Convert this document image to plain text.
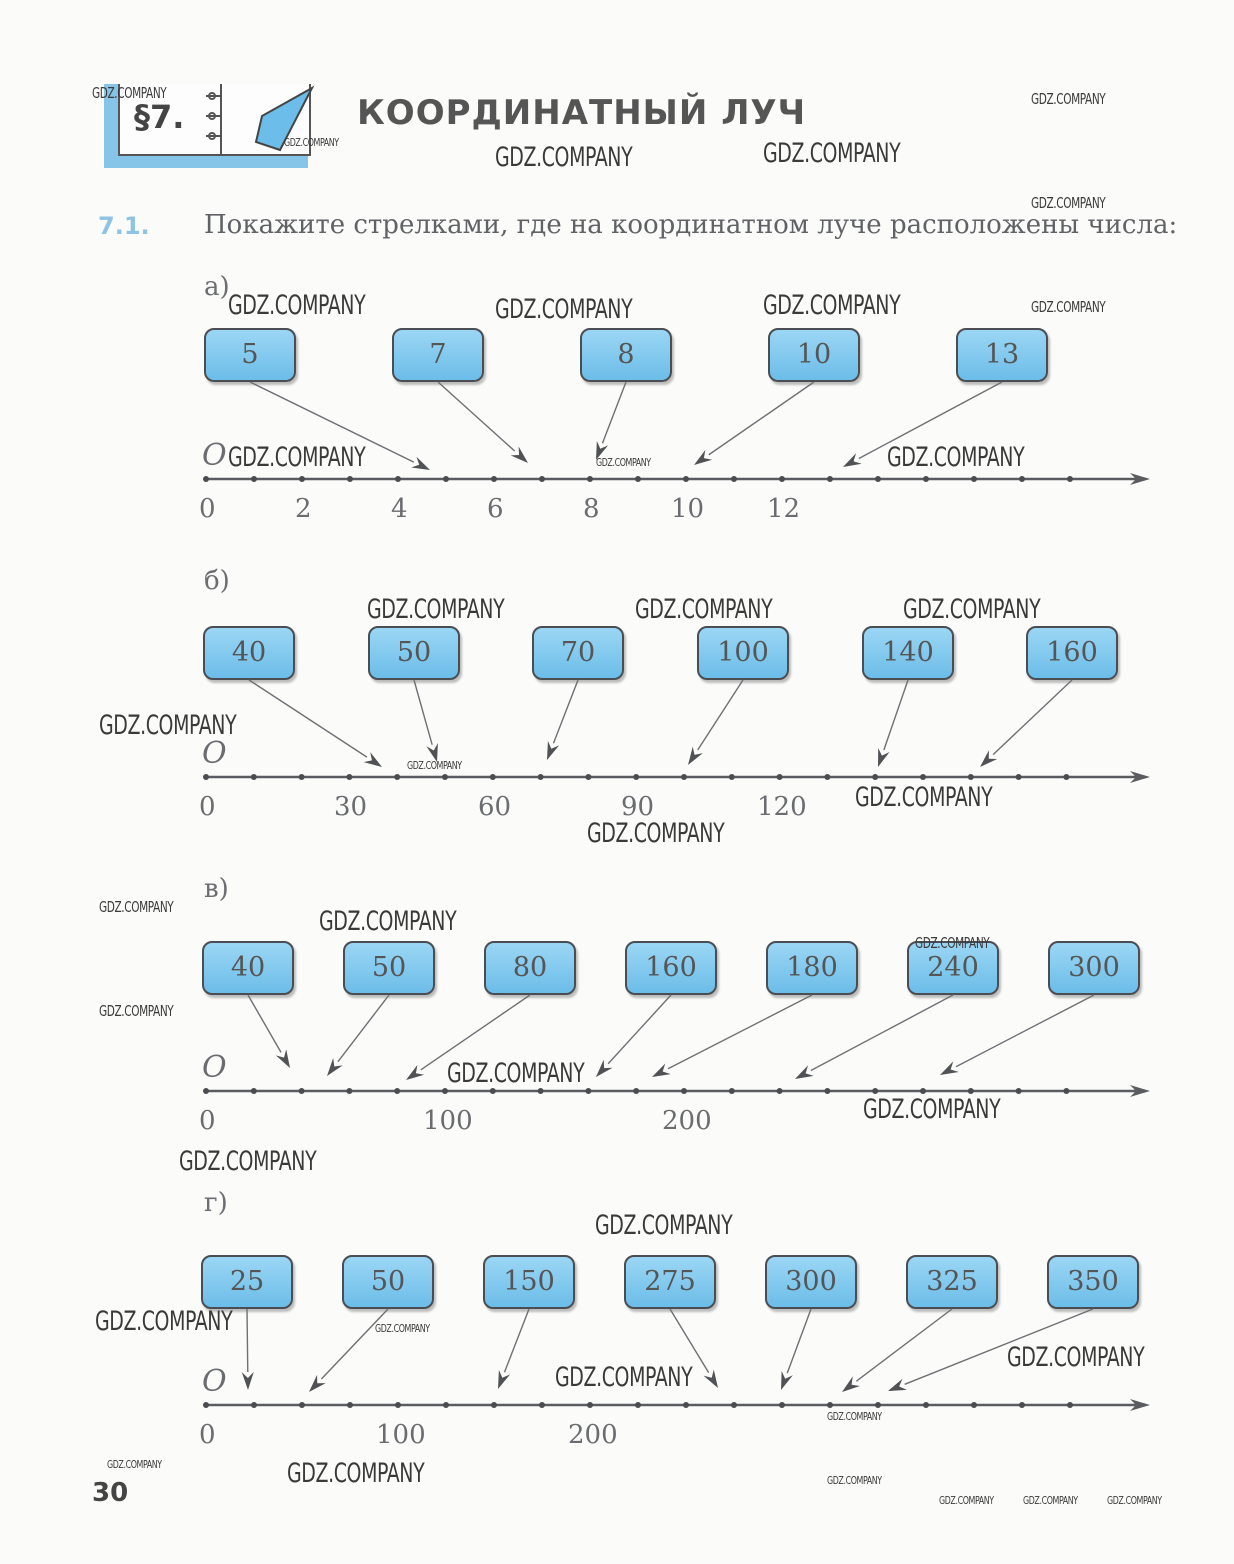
§7.	КООРДИНАТНЫЙ ЛУЧ
7.1. Покажите стрелками, где на координатном луче расположены числа:
а)
5	7	8	10	13
O
0	2	4	6	8	10 12
б)
40	50	70	100	140	160
O
0	30	60	90	120
в)
40	50	80	160	180	240	300
O
0	100	200
г)
25	50	150	275	300	325	350
O
0	100	200
30
GDZ.COMPANY
GDZ.COMPANY	GDZ.COMPANY	GDZ.COMPANY
GDZ.COMPANY
GDZ.COMPANY
GDZ.COMPANY	GDZ.COMPANY	GDZ.COMPANY	GDZ.COMPANY
GDZ.COMPANY	GDZ.COMPANY	GDZ.COMPANY
GDZ.COMPANY	GDZ.COMPANY	GDZ.COMPANY
GDZ.COMPANY
GDZ.COMPANY
GDZ.COMPANY
GDZ.COMPANY
GDZ.COMPANY	GDZ.COMPANY
GDZ.COMPANY
GDZ.COMPANY
GDZ.COMPANY
GDZ.COMPANY
GDZ.COMPANY
GDZ.COMPANY
GDZ.COMPANY	GDZ.COMPANY
GDZ.COMPANY
GDZ.COMPANY
GDZ.COMPANY
GDZ.COMPANY	GDZ.COMPANY	GDZ.COMPANY
GDZ.COMPANY	GDZ.COMPANY	GDZ.COMPANY
